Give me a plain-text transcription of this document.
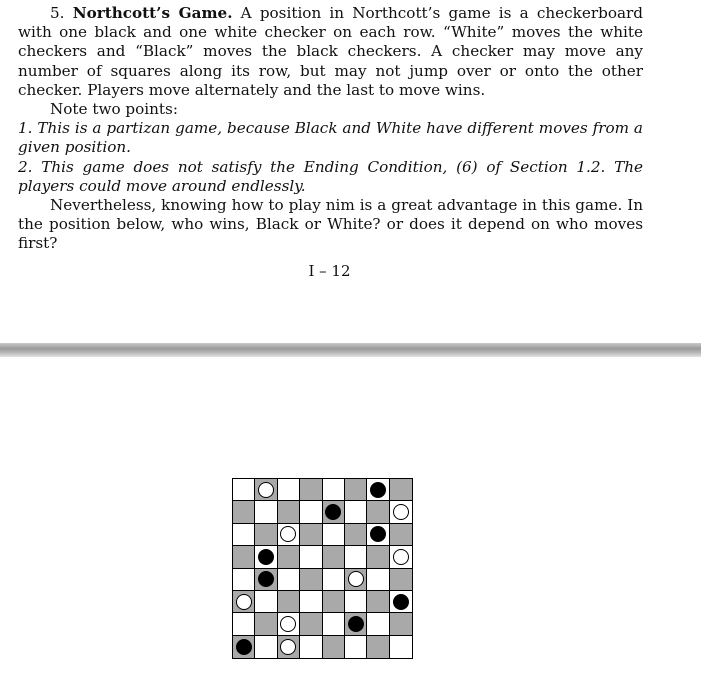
5. Northcott’s Game. A position in Northcott’s game is a checkerboard with one black and one white checker on each row. “White” moves the white checkers and “Black” moves the black checkers. A checker may move any number of squares along its row, but may not jump over or onto the other checker. Players move alternately and the last to move wins.

Note two points:

1. This is a partizan game, because Black and White have different moves from a given position.
2. This game does not satisfy the Ending Condition, (6) of Section 1.2. The players could move around endlessly.

Nevertheless, knowing how to play nim is a great advantage in this game. In the position below, who wins, Black or White? or does it depend on who moves first?

I – 12
